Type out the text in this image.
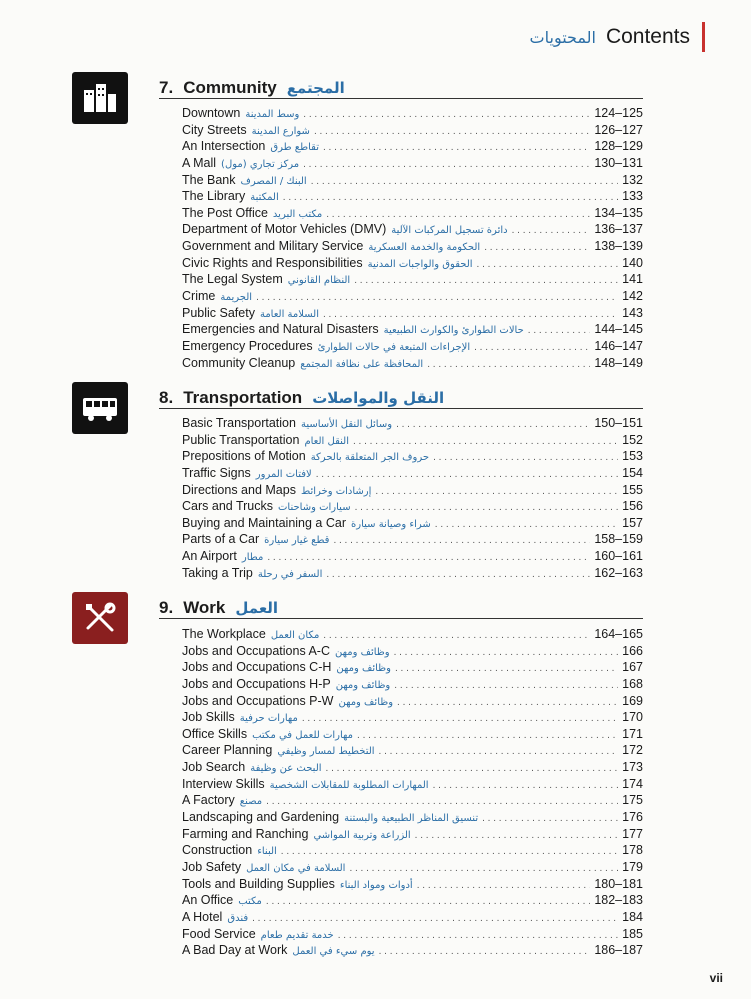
المحتويات Contents
7. Community المجتمع
Downtown وسط المدينة . . .	124–125
City Streets شوارع المدينة . . .	126–127
An Intersection تقاطع طرق . . .	128–129
A Mall مركز تجاري (مول) . . .	130–131
The Bank البنك / المصرف . . .	132
The Library المكتبة . . .	133
The Post Office مكتب البريد . . .	134–135
Department of Motor Vehicles (DMV) دائرة تسجيل المركبات الآلية . . .	136–137
Government and Military Service الحكومة والخدمة العسكرية . . .	138–139
Civic Rights and Responsibilities الحقوق والواجبات المدنية . . .	140
The Legal System النظام القانوني . . .	141
Crime الجريمة . . .	142
Public Safety السلامة العامة . . .	143
Emergencies and Natural Disasters حالات الطوارئ والكوارث الطبيعية . . .	144–145
Emergency Procedures الإجراءات المتبعة في حالات الطوارئ . . .	146–147
Community Cleanup المحافظة على نظافة المجتمع . . .	148–149
8. Transportation النقل والمواصلات
Basic Transportation وسائل النقل الأساسية . . .	150–151
Public Transportation النقل العام . . .	152
Prepositions of Motion حروف الجر المتعلقة بالحركة . . .	153
Traffic Signs لافتات المرور . . .	154
Directions and Maps إرشادات وخرائط . . .	155
Cars and Trucks سيارات وشاحنات . . .	156
Buying and Maintaining a Car شراء وصيانة سيارة . . .	157
Parts of a Car قطع غيار سيارة . . .	158–159
An Airport مطار . . .	160–161
Taking a Trip السفر في رحلة . . .	162–163
9. Work العمل
The Workplace مكان العمل . . .	164–165
Jobs and Occupations A-C وظائف ومهن . . .	166
Jobs and Occupations C-H وظائف ومهن . . .	167
Jobs and Occupations H-P وظائف ومهن . . .	168
Jobs and Occupations P-W وظائف ومهن . . .	169
Job Skills مهارات حرفية . . .	170
Office Skills مهارات للعمل في مكتب . . .	171
Career Planning التخطيط لمسار وظيفي . . .	172
Job Search البحث عن وظيفة . . .	173
Interview Skills المهارات المطلوبة للمقابلات الشخصية . . .	174
A Factory مصنع . . .	175
Landscaping and Gardening تنسيق المناظر الطبيعية والبستنة . . .	176
Farming and Ranching الزراعة وتربية المواشي . . .	177
Construction البناء . . .	178
Job Safety السلامة في مكان العمل . . .	179
Tools and Building Supplies أدوات ومواد البناء . . .	180–181
An Office مكتب . . .	182–183
A Hotel فندق . . .	184
Food Service خدمة تقديم طعام . . .	185
A Bad Day at Work يوم سيء في العمل . . .	186–187
vii
